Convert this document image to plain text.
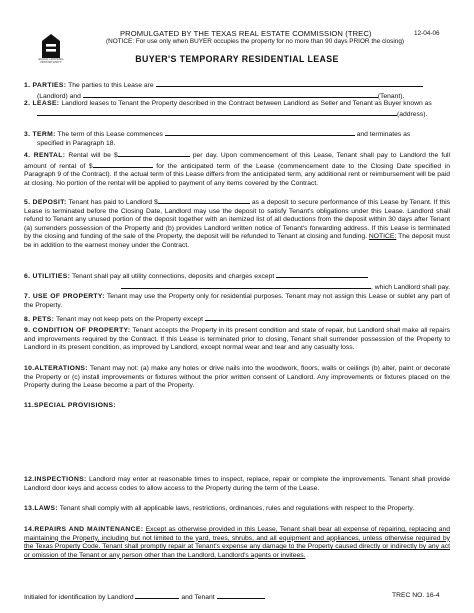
EQUAL HOUSING OPPORTUNITY
PROMULGATED BY THE TEXAS REAL ESTATE COMMISSION (TREC)	12-04-06
(NOTICE: For use only when BUYER occupies the property for no more than 90 days PRIOR the closing)
BUYER'S TEMPORARY RESIDENTIAL LEASE
1. PARTIES: The parties to this Lease are
(Landlord) and	(Tenant).
2. LEASE: Landlord leases to Tenant the Property described in the Contract between Landlord as Seller and Tenant as Buyer known as
(address).
3. TERM: The term of this Lease commences	and terminates as
specified in Paragraph 18.
4. RENTAL: Rental will be $	per day. Upon commencement of this Lease, Tenant shall pay to Landlord the full amount of rental of $	for the anticipated term of the Lease (commencement date to the Closing Date specified in Paragraph 9 of the Contract). If the actual term of this Lease differs from the anticipated term, any additional rent or reimbursement will be paid at closing. No portion of the rental will be applied to payment of any items covered by the Contract.
5. DEPOSIT: Tenant has paid to Landlord $	as a deposit to secure performance of this Lease by Tenant. If this Lease is terminated before the Closing Date, Landlord may use the deposit to satisfy Tenant's obligations under this Lease. Landlord shall refund to Tenant any unused portion of the deposit together with an itemized list of all deductions from the deposit within 30 days after Tenant (a) surrenders possession of the Property and (b) provides Landlord written notice of Tenant's forwarding address. If this Lease is terminated by the closing and funding of the sale of the Property, the deposit will be refunded to Tenant at closing and funding. NOTICE: The deposit must be in addition to the earnest money under the Contract.
6. UTILITIES: Tenant shall pay all utility connections, deposits and charges except
, which Landlord shall pay.
7. USE OF PROPERTY: Tenant may use the Property only for residential purposes. Tenant may not assign this Lease or sublet any part of the Property.
8. PETS: Tenant may not keep pets on the Property except
9. CONDITION OF PROPERTY: Tenant accepts the Property in its present condition and state of repair, but Landlord shall make all repairs and improvements required by the Contract. If this Lease is terminated prior to closing, Tenant shall surrender possession of the Property to Landlord in its present condition, as improved by Landlord, except normal wear and tear and any casualty loss.
10.ALTERATIONS: Tenant may not: (a) make any holes or drive nails into the woodwork, floors, walls or ceilings (b) alter, paint or decorate the Property or (c) install improvements or fixtures without the prior written consent of Landlord. Any improvements or fixtures placed on the Property during the Lease become a part of the Property.
11.SPECIAL PROVISIONS:
12.INSPECTIONS: Landlord may enter at reasonable times to inspect, replace, repair or complete the improvements. Tenant shall provide Landlord door keys and access codes to allow access to the Property during the term of the Lease.
13.LAWS: Tenant shall comply with all applicable laws, restrictions, ordinances, rules and regulations with respect to the Property.
14.REPAIRS AND MAINTENANCE: Except as otherwise provided in this Lease, Tenant shall bear all expense of repairing, replacing and maintaining the Property, including but not limited to the yard, trees, shrubs, and all equipment and appliances, unless otherwise required by the Texas Property Code. Tenant shall promptly repair at Tenant's expense any damage to the Property caused directly or indirectly by any act or omission of the Tenant or any person other than the Landlord, Landlord's agents or invitees.
Initialed for identification by Landlord	and Tenant	TREC NO. 16-4
